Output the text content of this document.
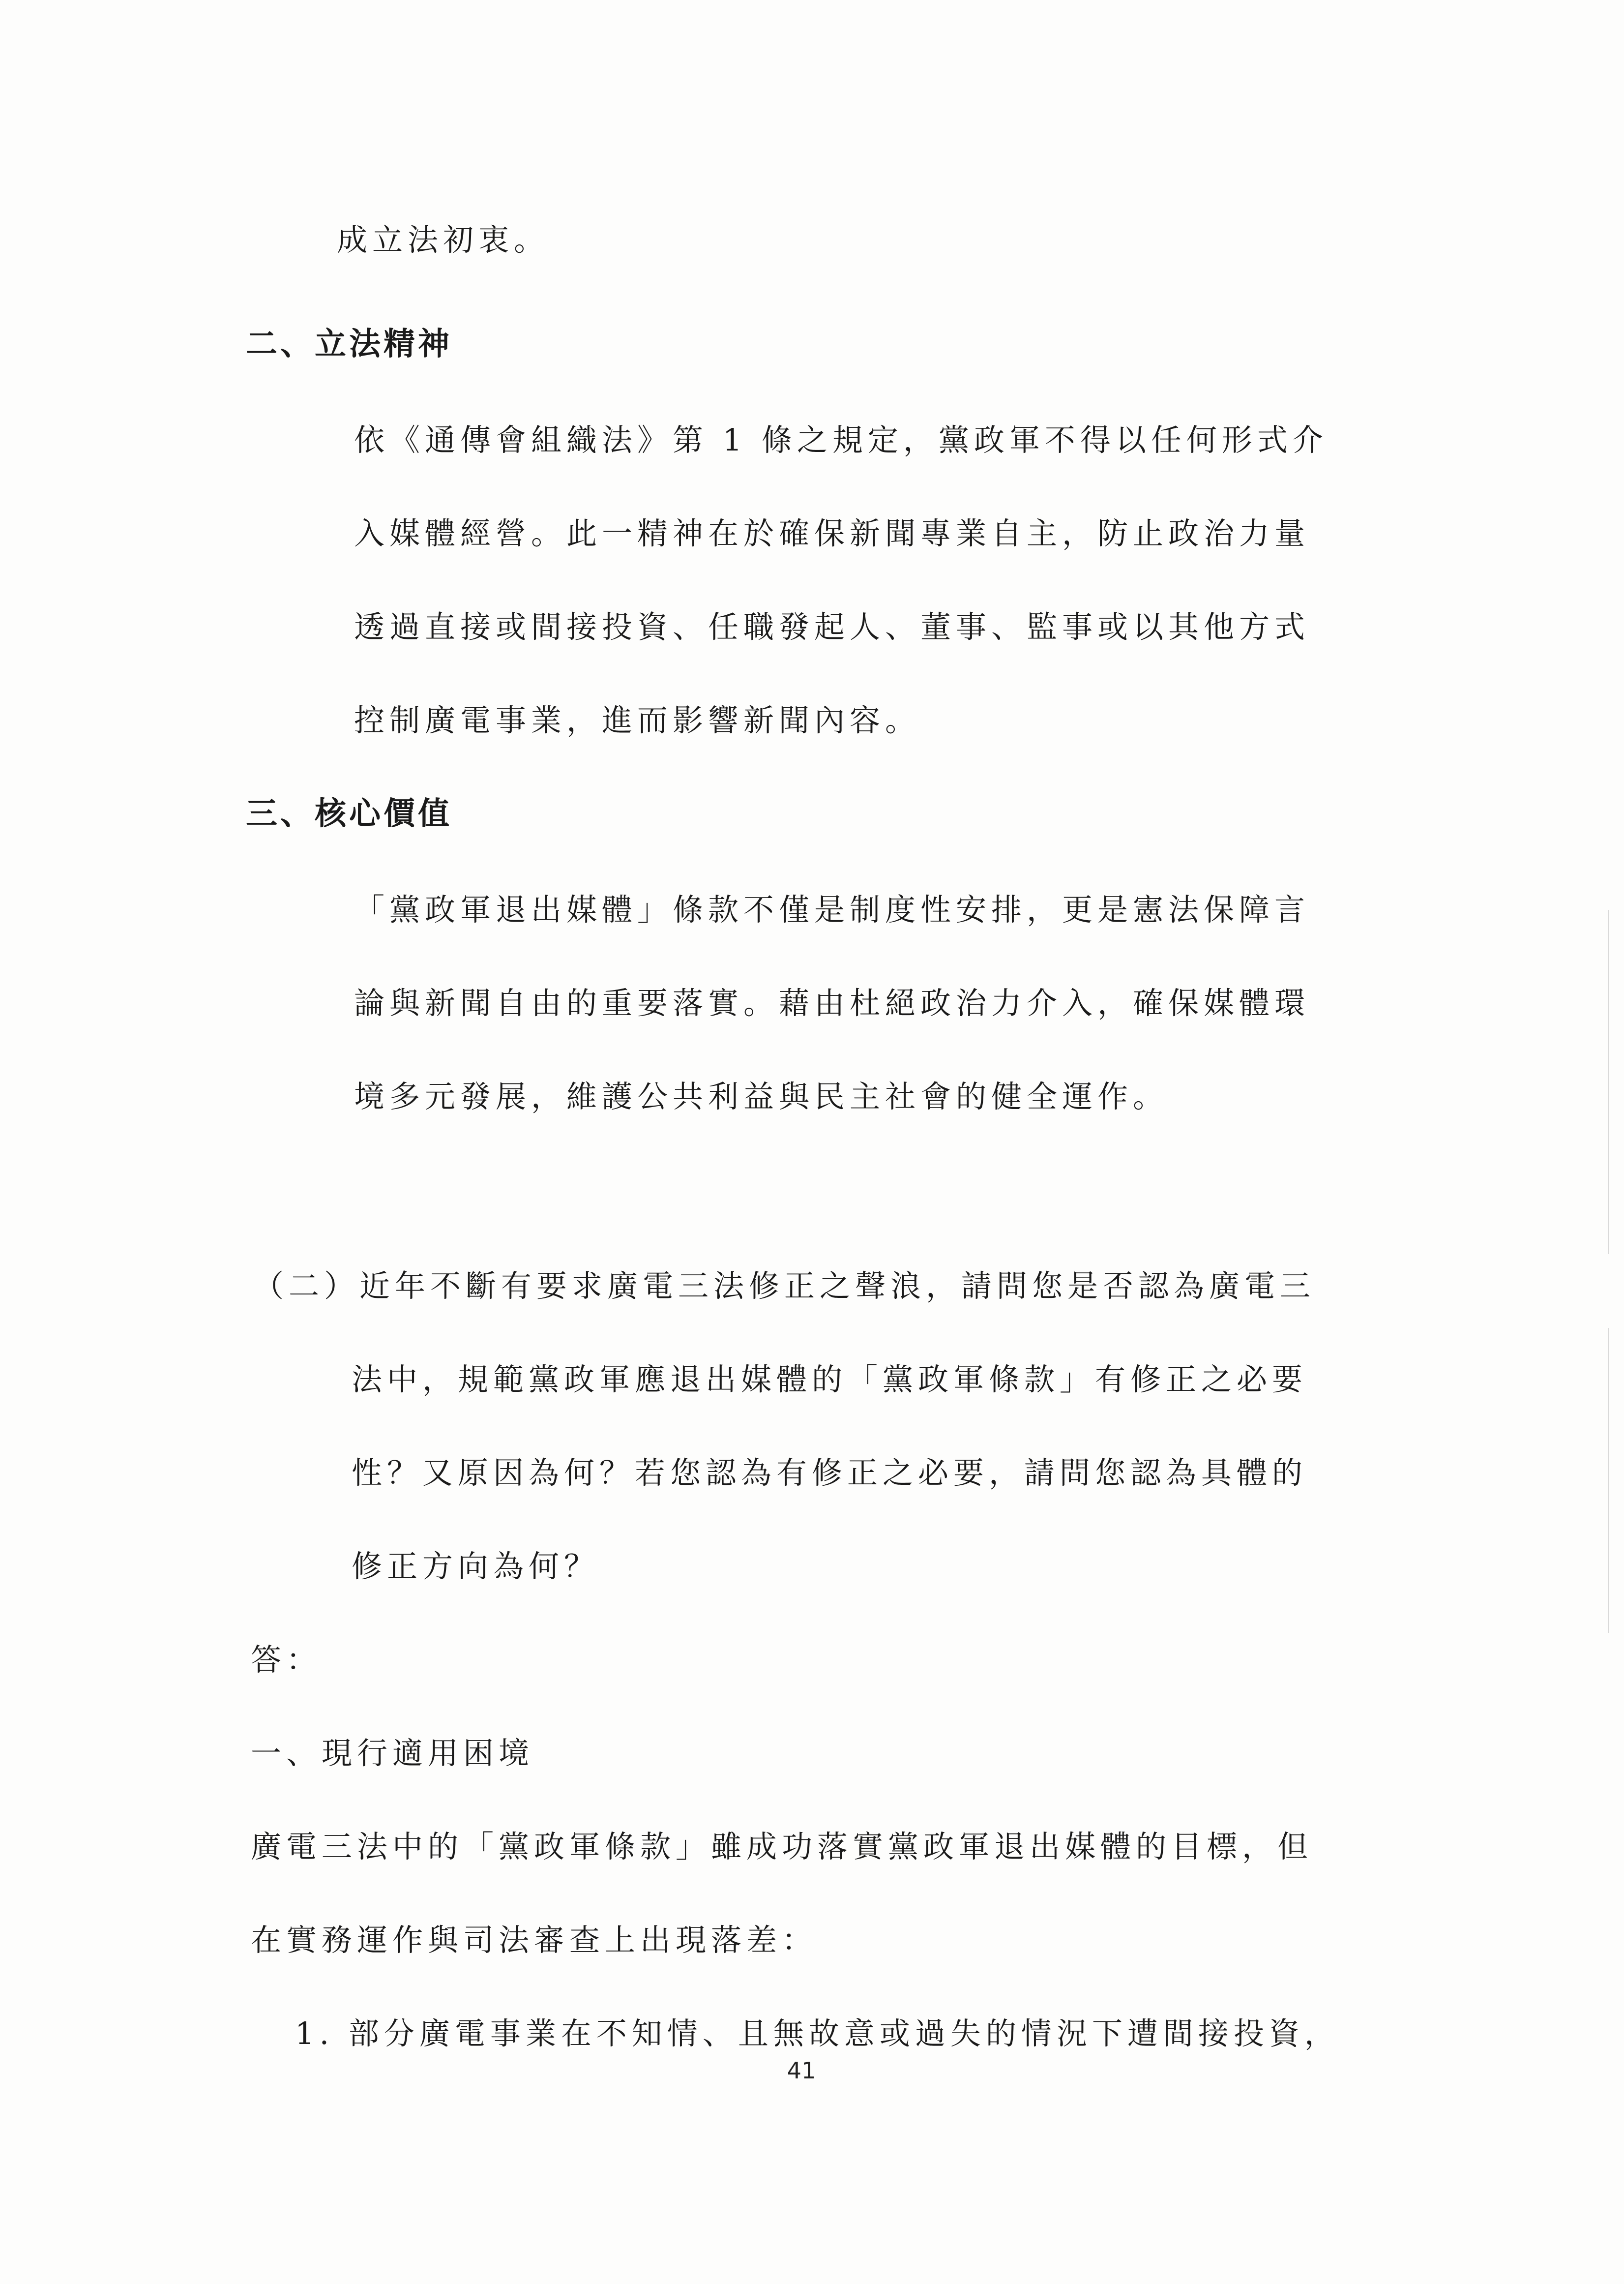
成立法初衷。
二、立法精神
依《通傳會組織法》第 1 條之規定，黨政軍不得以任何形式介
入媒體經營。此一精神在於確保新聞專業自主，防止政治力量
透過直接或間接投資、任職發起人、董事、監事或以其他方式
控制廣電事業，進而影響新聞內容。
三、核心價值
「黨政軍退出媒體」條款不僅是制度性安排，更是憲法保障言
論與新聞自由的重要落實。藉由杜絕政治力介入，確保媒體環
境多元發展，維護公共利益與民主社會的健全運作。
（二）近年不斷有要求廣電三法修正之聲浪，請問您是否認為廣電三
法中，規範黨政軍應退出媒體的「黨政軍條款」有修正之必要
性？又原因為何？若您認為有修正之必要，請問您認為具體的
修正方向為何？
答：
一、現行適用困境
廣電三法中的「黨政軍條款」雖成功落實黨政軍退出媒體的目標，但
在實務運作與司法審查上出現落差：
1. 部分廣電事業在不知情、且無故意或過失的情況下遭間接投資，
41
